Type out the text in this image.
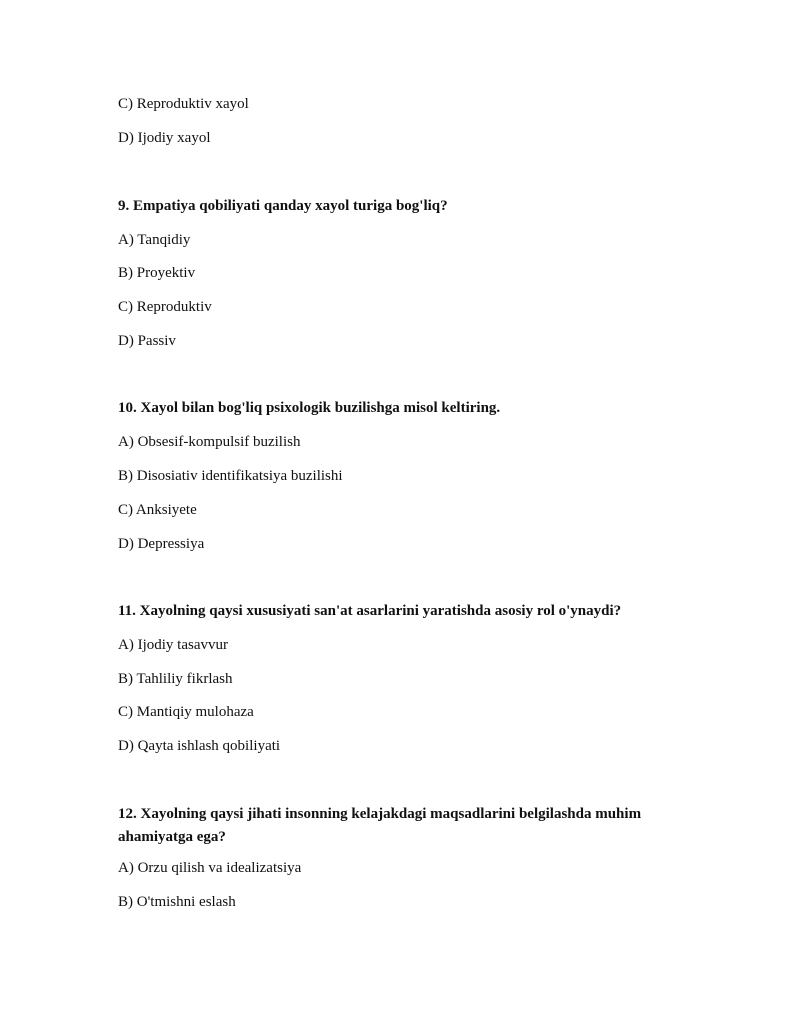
C) Reproduktiv xayol
D) Ijodiy xayol
9. Empatiya qobiliyati qanday xayol turiga bog'liq?
A) Tanqidiy
B) Proyektiv
C) Reproduktiv
D) Passiv
10. Xayol bilan bog'liq psixologik buzilishga misol keltiring.
A) Obsesif-kompulsif buzilish
B) Disosiativ identifikatsiya buzilishi
C) Anksiyete
D) Depressiya
11. Xayolning qaysi xususiyati san'at asarlarini yaratishda asosiy rol o'ynaydi?
A) Ijodiy tasavvur
B) Tahliliy fikrlash
C) Mantiqiy mulohaza
D) Qayta ishlash qobiliyati
12. Xayolning qaysi jihati insonning kelajakdagi maqsadlarini belgilashda muhim ahamiyatga ega?
A) Orzu qilish va idealizatsiya
B) O'tmishni eslash
